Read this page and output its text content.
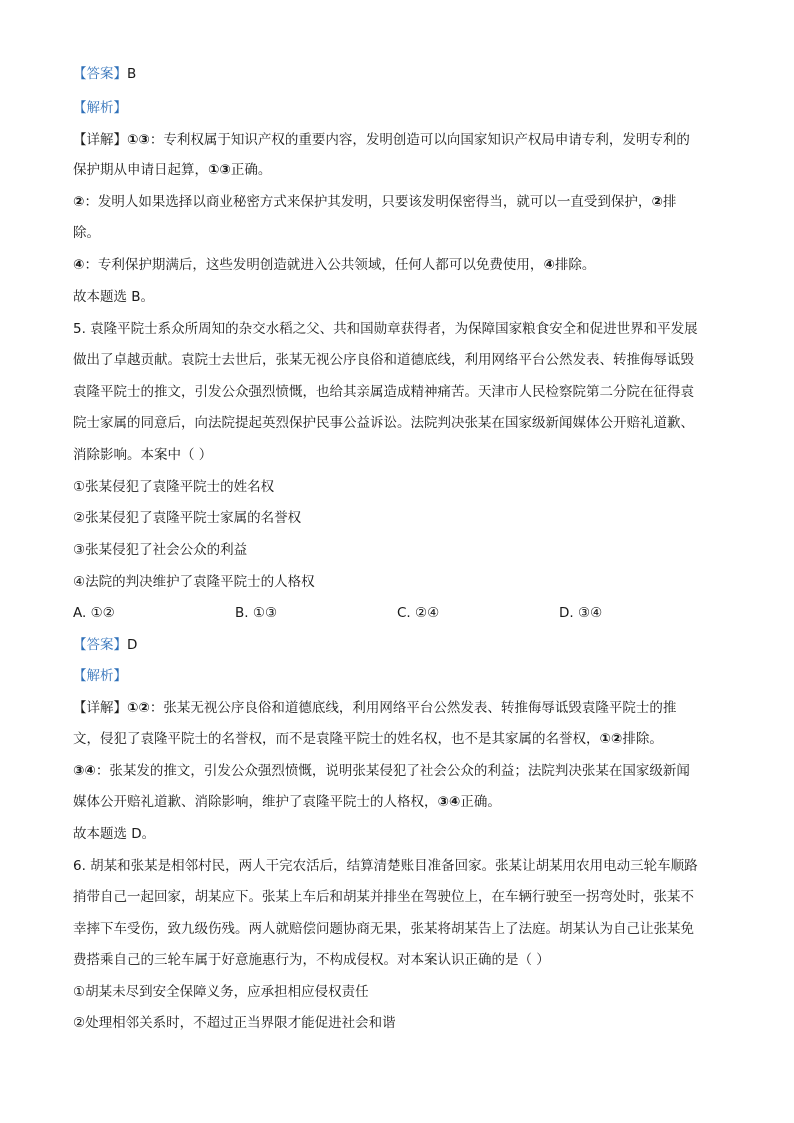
【答案】B
【解析】
【详解】①③：专利权属于知识产权的重要内容，发明创造可以向国家知识产权局申请专利，发明专利的
保护期从申请日起算，①③正确。
②：发明人如果选择以商业秘密方式来保护其发明，只要该发明保密得当，就可以一直受到保护，②排
除。
④：专利保护期满后，这些发明创造就进入公共领域，任何人都可以免费使用，④排除。
故本题选 B。
5. 袁隆平院士系众所周知的杂交水稻之父、共和国勋章获得者，为保障国家粮食安全和促进世界和平发展
做出了卓越贡献。袁院士去世后，张某无视公序良俗和道德底线，利用网络平台公然发表、转推侮辱诋毁
袁隆平院士的推文，引发公众强烈愤慨，也给其亲属造成精神痛苦。天津市人民检察院第二分院在征得袁
院士家属的同意后，向法院提起英烈保护民事公益诉讼。法院判决张某在国家级新闻媒体公开赔礼道歉、
消除影响。本案中（ ）
①张某侵犯了袁隆平院士的姓名权
②张某侵犯了袁隆平院士家属的名誉权
③张某侵犯了社会公众的利益
④法院的判决维护了袁隆平院士的人格权
A. ①②	B. ①③	C. ②④	D. ③④
【答案】D
【解析】
【详解】①②：张某无视公序良俗和道德底线，利用网络平台公然发表、转推侮辱诋毁袁隆平院士的推
文，侵犯了袁隆平院士的名誉权，而不是袁隆平院士的姓名权，也不是其家属的名誉权，①②排除。
③④：张某发的推文，引发公众强烈愤慨，说明张某侵犯了社会公众的利益；法院判决张某在国家级新闻
媒体公开赔礼道歉、消除影响，维护了袁隆平院士的人格权，③④正确。
故本题选 D。
6. 胡某和张某是相邻村民，两人干完农活后，结算清楚账目准备回家。张某让胡某用农用电动三轮车顺路
捎带自己一起回家，胡某应下。张某上车后和胡某并排坐在驾驶位上，在车辆行驶至一拐弯处时，张某不
幸摔下车受伤，致九级伤残。两人就赔偿问题协商无果，张某将胡某告上了法庭。胡某认为自己让张某免
费搭乘自己的三轮车属于好意施惠行为，不构成侵权。对本案认识正确的是（ ）
①胡某未尽到安全保障义务，应承担相应侵权责任
②处理相邻关系时，不超过正当界限才能促进社会和谐
